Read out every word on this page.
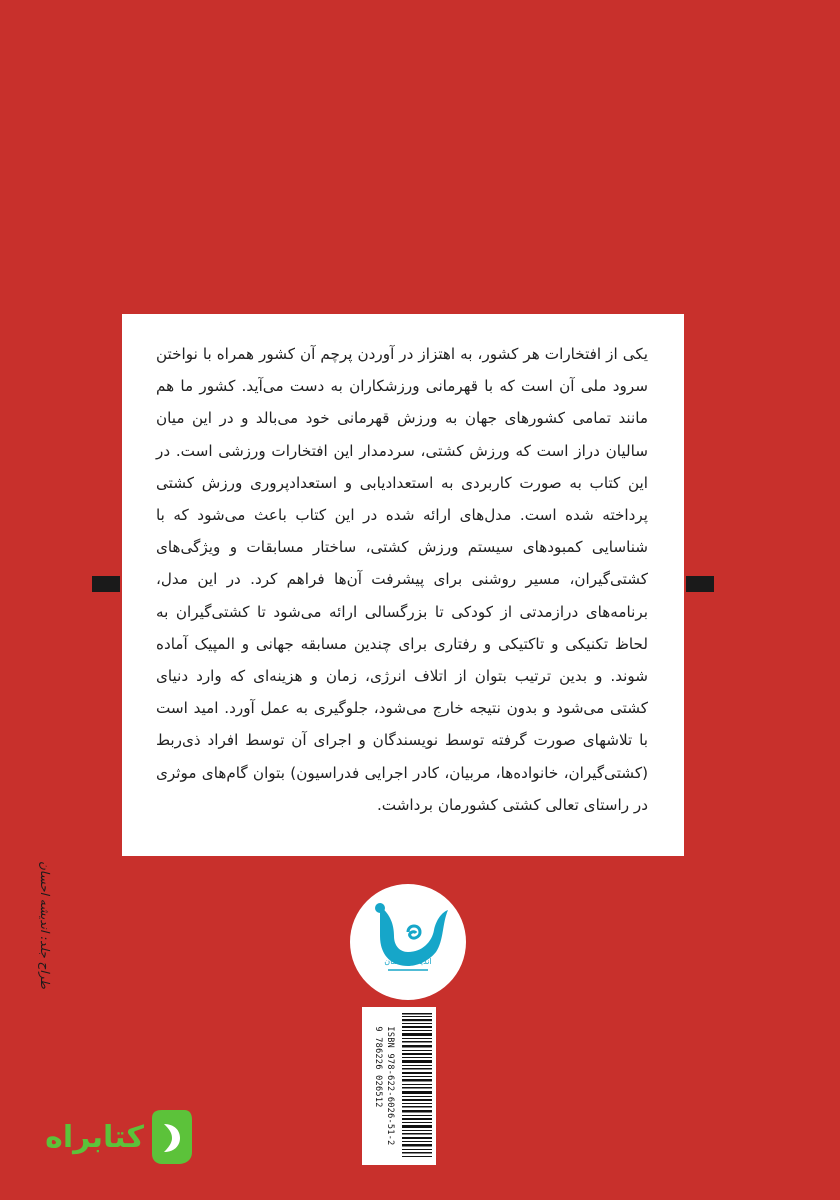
یکی از افتخارات هر کشور، به اهتزاز در آوردن پرچم آن کشور همراه با نواختن سرود ملی آن است که با قهرمانی ورزشکاران به دست می‌آید. کشور ما هم مانند تمامی کشورهای جهان به ورزش قهرمانی خود می‌بالد و در این میان سالیان دراز است که ورزش کشتی، سردمدار این افتخارات ورزشی است. در این کتاب به صورت کاربردی به استعدادیابی و استعدادپروری ورزش کشتی پرداخته شده است. مدل‌های ارائه شده در این کتاب باعث می‌شود که با شناسایی کمبودهای سیستم ورزش کشتی، ساختار مسابقات و ویژگی‌های کشتی‌گیران، مسیر روشنی برای پیشرفت آن‌ها فراهم کرد. در این مدل، برنامه‌های درازمدتی از کودکی تا بزرگسالی ارائه می‌شود تا کشتی‌گیران به لحاظ تکنیکی و تاکتیکی و رفتاری برای چندین مسابقه جهانی و المپیک آماده شوند. و بدین ترتیب بتوان از اتلاف انرژی، زمان و هزینه‌ای که وارد دنیای کشتی می‌شود و بدون نتیجه خارج می‌شود، جلوگیری به عمل آورد. امید است با تلاشهای صورت گرفته توسط نویسندگان و اجرای آن توسط افراد ذی‌ربط (کشتی‌گیران، خانواده‌ها، مربیان، کادر اجرایی فدراسیون) بتوان گام‌های موثری در راستای تعالی کشتی کشورمان برداشت.

اندیشه احسان
ISBN 978-622-6026-51-2
9 786226 026512
طراح جلد: اندیشه احسان
کتابراه
